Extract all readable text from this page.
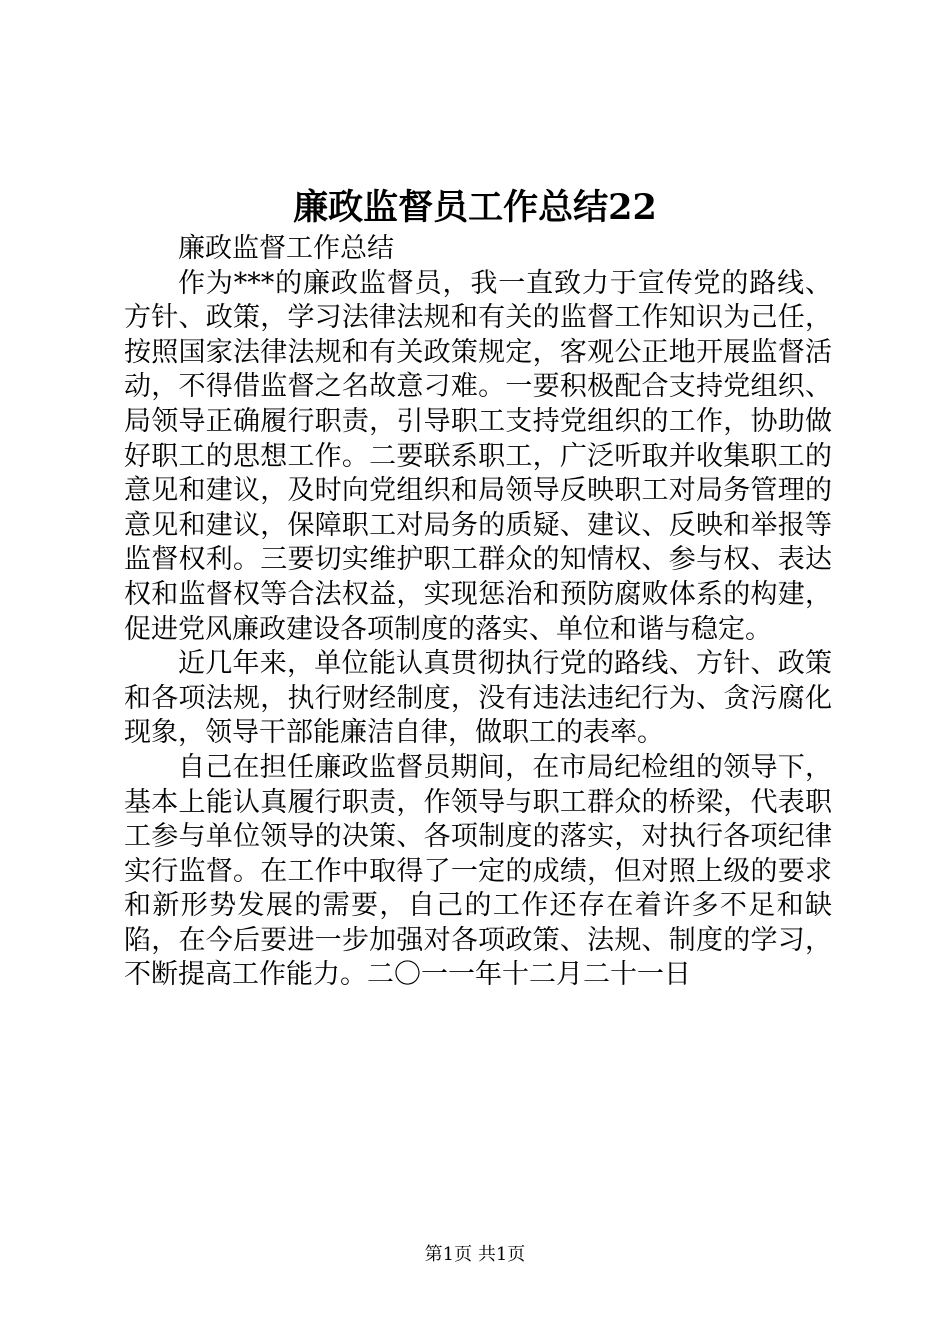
廉政监督员工作总结22
廉政监督工作总结

作为***的廉政监督员，我一直致力于宣传党的路线、方针、政策，学习法律法规和有关的监督工作知识为己任，按照国家法律法规和有关政策规定，客观公正地开展监督活动，不得借监督之名故意刁难。一要积极配合支持党组织、局领导正确履行职责，引导职工支持党组织的工作，协助做好职工的思想工作。二要联系职工，广泛听取并收集职工的意见和建议，及时向党组织和局领导反映职工对局务管理的意见和建议，保障职工对局务的质疑、建议、反映和举报等监督权利。三要切实维护职工群众的知情权、参与权、表达权和监督权等合法权益，实现惩治和预防腐败体系的构建，促进党风廉政建设各项制度的落实、单位和谐与稳定。

近几年来，单位能认真贯彻执行党的路线、方针、政策和各项法规，执行财经制度，没有违法违纪行为、贪污腐化现象，领导干部能廉洁自律，做职工的表率。

自己在担任廉政监督员期间，在市局纪检组的领导下，基本上能认真履行职责，作领导与职工群众的桥梁，代表职工参与单位领导的决策、各项制度的落实，对执行各项纪律实行监督。在工作中取得了一定的成绩，但对照上级的要求和新形势发展的需要，自己的工作还存在着许多不足和缺陷，在今后要进一步加强对各项政策、法规、制度的学习，不断提高工作能力。二〇一一年十二月二十一日

第1页 共1页
